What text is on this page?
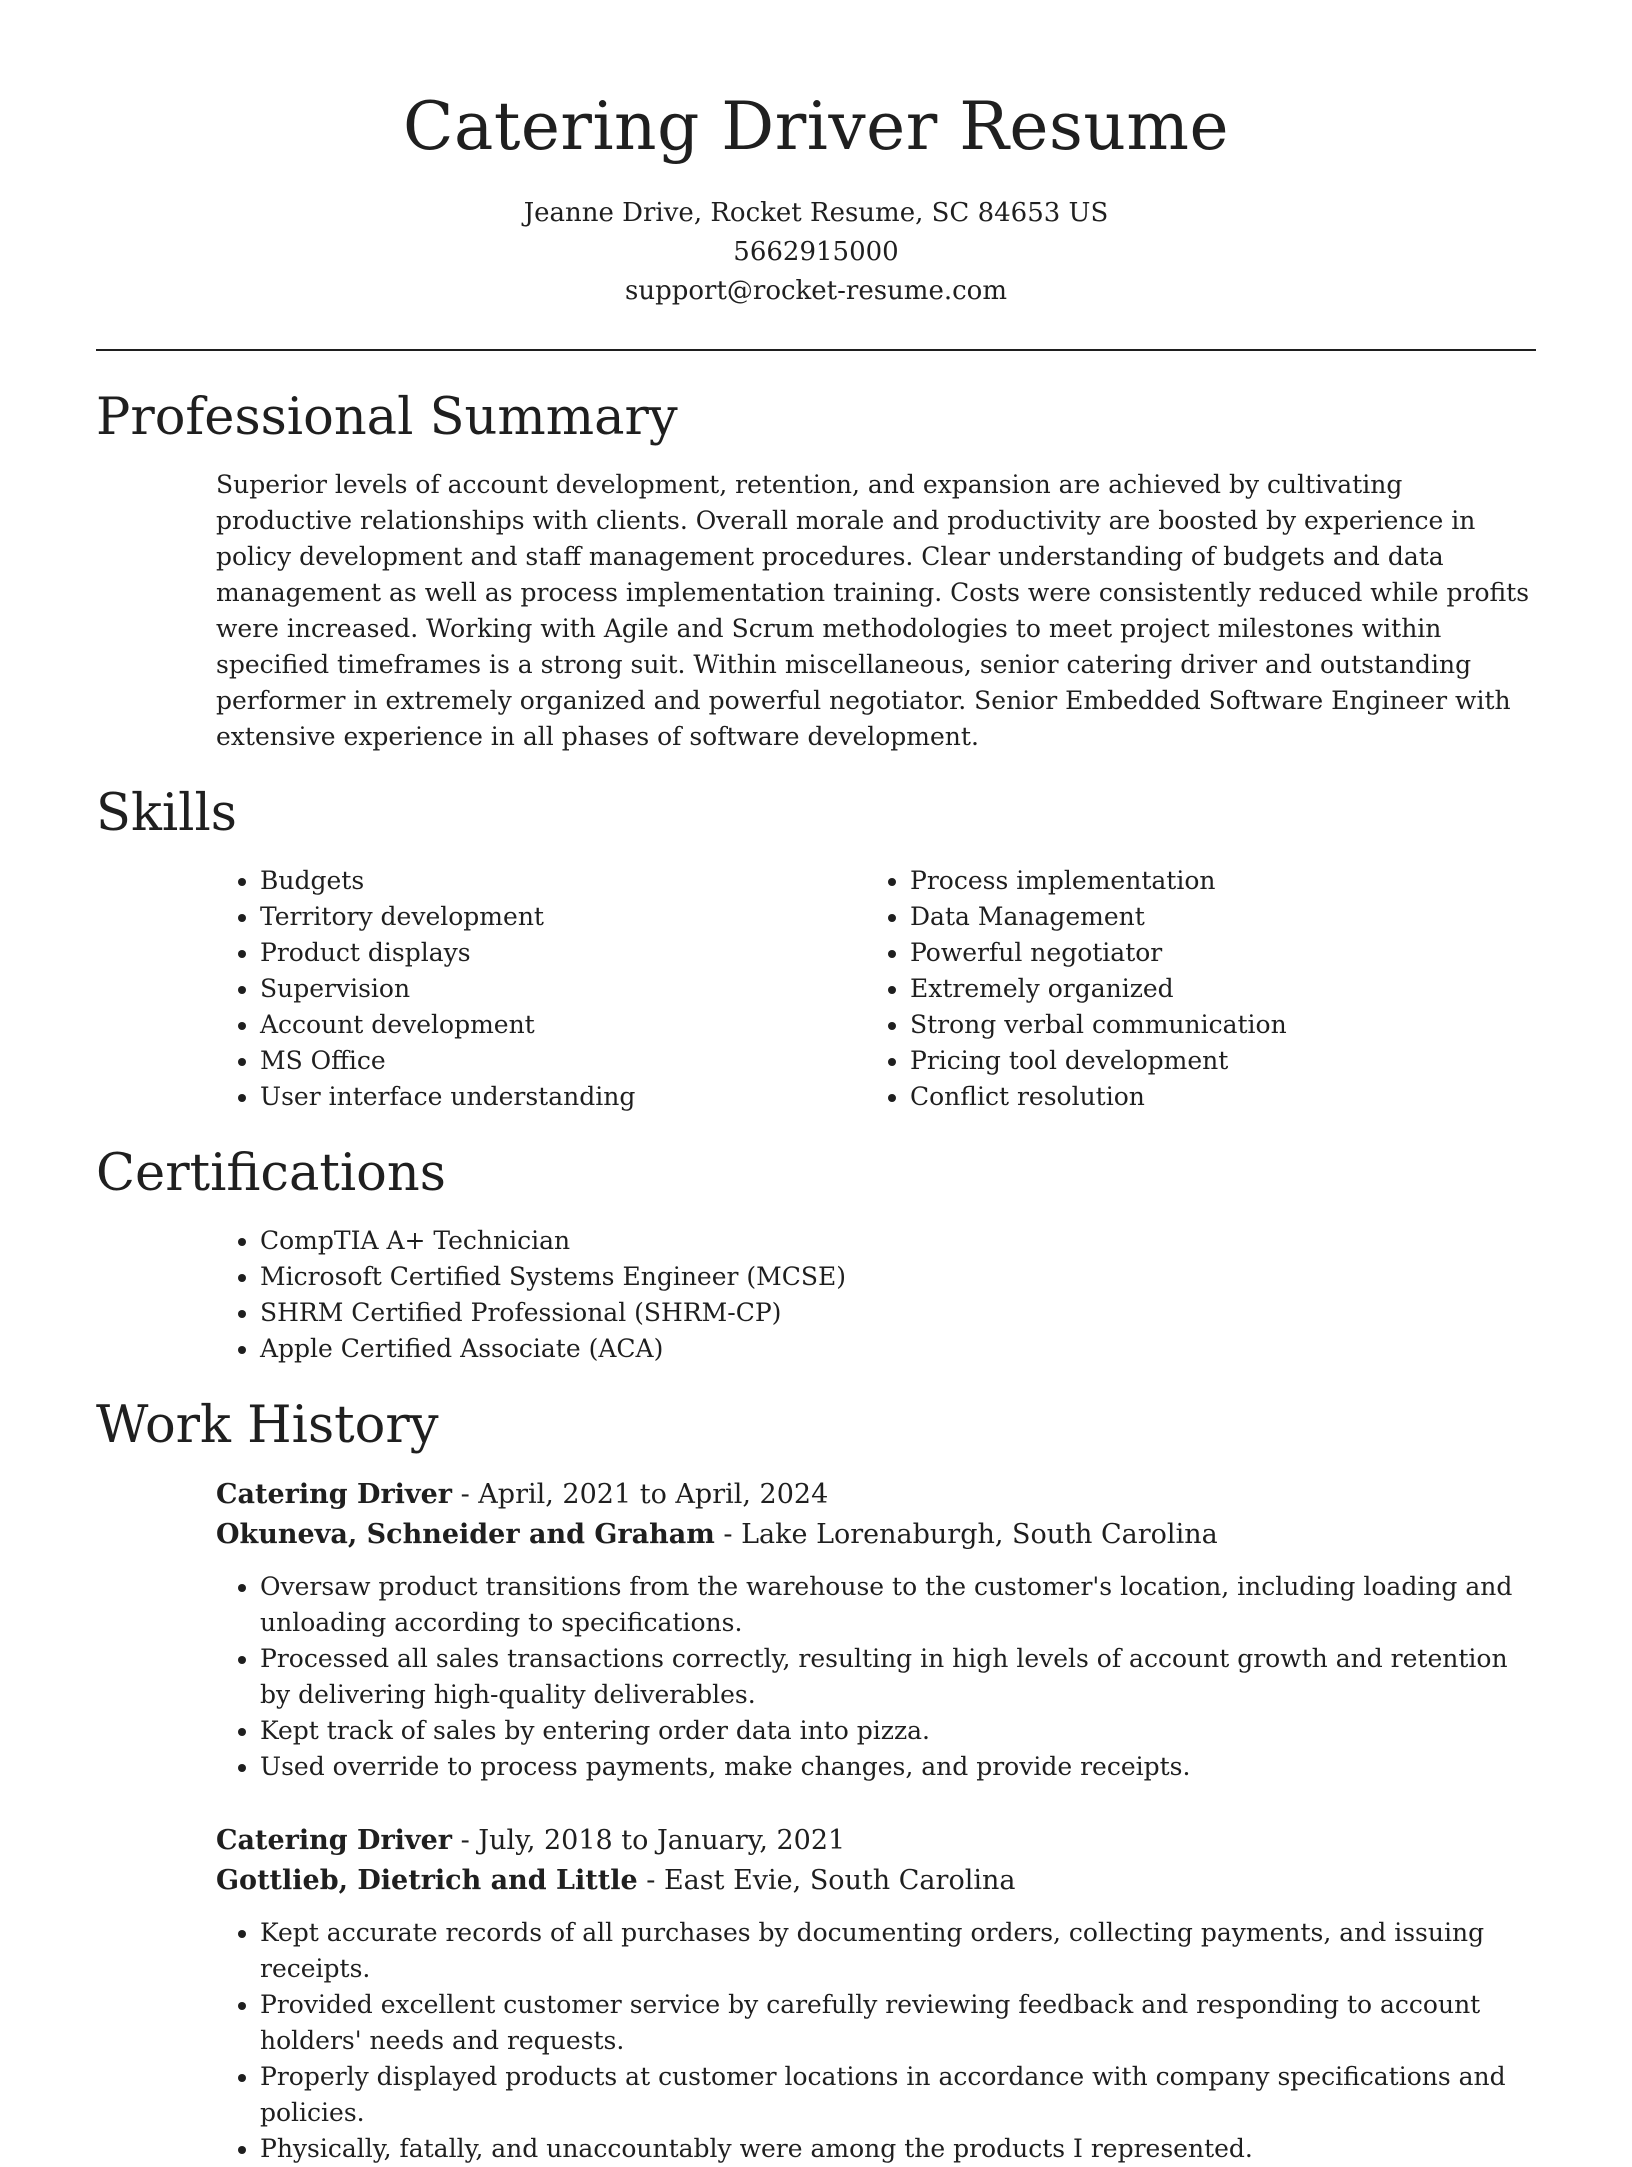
Catering Driver Resume

Jeanne Drive, Rocket Resume, SC 84653 US

5662915000

support@rocket-resume.com

Professional Summary

Superior levels of account development, retention, and expansion are achieved by cultivating productive relationships with clients. Overall morale and productivity are boosted by experience in policy development and staff management procedures. Clear understanding of budgets and data management as well as process implementation training. Costs were consistently reduced while profits were increased. Working with Agile and Scrum methodologies to meet project milestones within specified timeframes is a strong suit. Within miscellaneous, senior catering driver and outstanding performer in extremely organized and powerful negotiator. Senior Embedded Software Engineer with extensive experience in all phases of software development.

Skills
• Budgets
• Territory development
• Product displays
• Supervision
• Account development
• MS Office
• User interface understanding
• Process implementation
• Data Management
• Powerful negotiator
• Extremely organized
• Strong verbal communication
• Pricing tool development
• Conflict resolution
Certifications
• CompTIA A+ Technician
• Microsoft Certified Systems Engineer (MCSE)
• SHRM Certified Professional (SHRM-CP)
• Apple Certified Associate (ACA)
Work History

Catering Driver - April, 2021 to April, 2024

Okuneva, Schneider and Graham - Lake Lorenaburgh, South Carolina

• Oversaw product transitions from the warehouse to the customer's location, including loading and unloading according to specifications.
• Processed all sales transactions correctly, resulting in high levels of account growth and retention by delivering high-quality deliverables.
• Kept track of sales by entering order data into pizza.
• Used override to process payments, make changes, and provide receipts.

Catering Driver - July, 2018 to January, 2021

Gottlieb, Dietrich and Little - East Evie, South Carolina

• Kept accurate records of all purchases by documenting orders, collecting payments, and issuing receipts.
• Provided excellent customer service by carefully reviewing feedback and responding to account holders' needs and requests.
• Properly displayed products at customer locations in accordance with company specifications and policies.
• Physically, fatally, and unaccountably were among the products I represented.
